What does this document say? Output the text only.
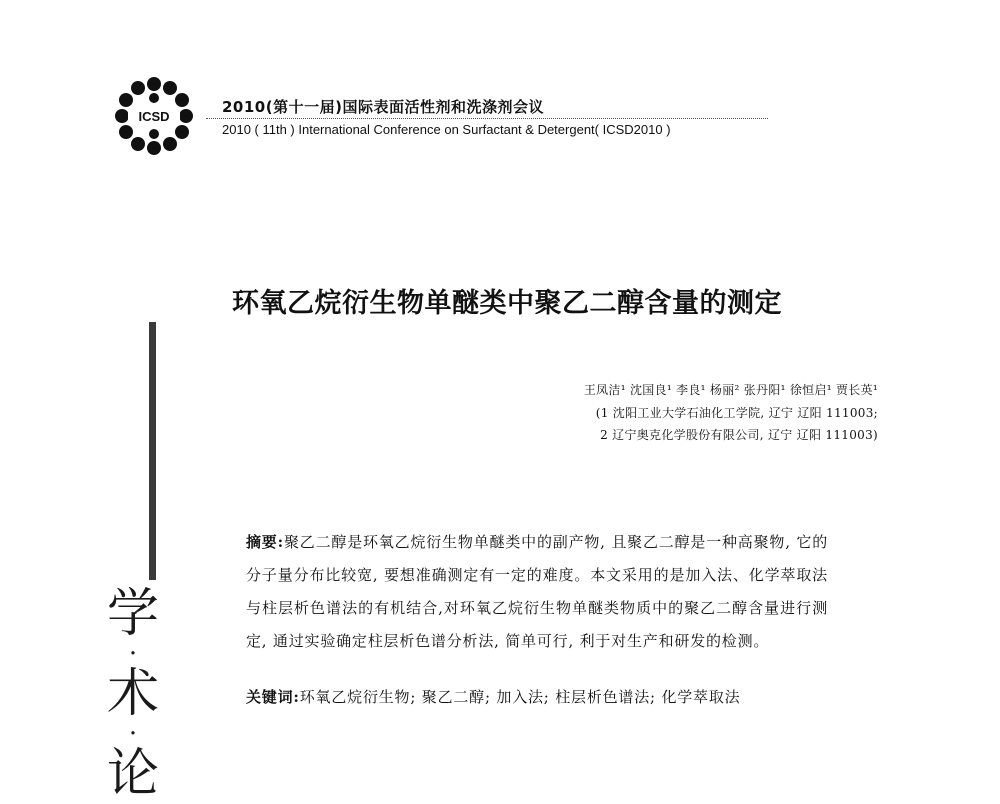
ICSD
2010(第十一届)国际表面活性剂和洗涤剂会议
2010 ( 11th ) International Conference on Surfactant & Detergent( ICSD2010 )
环氧乙烷衍生物单醚类中聚乙二醇含量的测定
王凤洁¹ 沈国良¹ 李良¹ 杨丽² 张丹阳¹ 徐恒启¹ 贾长英¹
(1 沈阳工业大学石油化工学院, 辽宁 辽阳 111003;
2 辽宁奥克化学股份有限公司, 辽宁 辽阳 111003)
学
·
术
·
论
摘要:聚乙二醇是环氧乙烷衍生物单醚类中的副产物, 且聚乙二醇是一种高聚物, 它的分子量分布比较宽, 要想准确测定有一定的难度。本文采用的是加入法、化学萃取法与柱层析色谱法的有机结合,对环氧乙烷衍生物单醚类物质中的聚乙二醇含量进行测定, 通过实验确定柱层析色谱分析法, 简单可行, 利于对生产和研发的检测。
关键词:环氧乙烷衍生物; 聚乙二醇; 加入法; 柱层析色谱法; 化学萃取法
